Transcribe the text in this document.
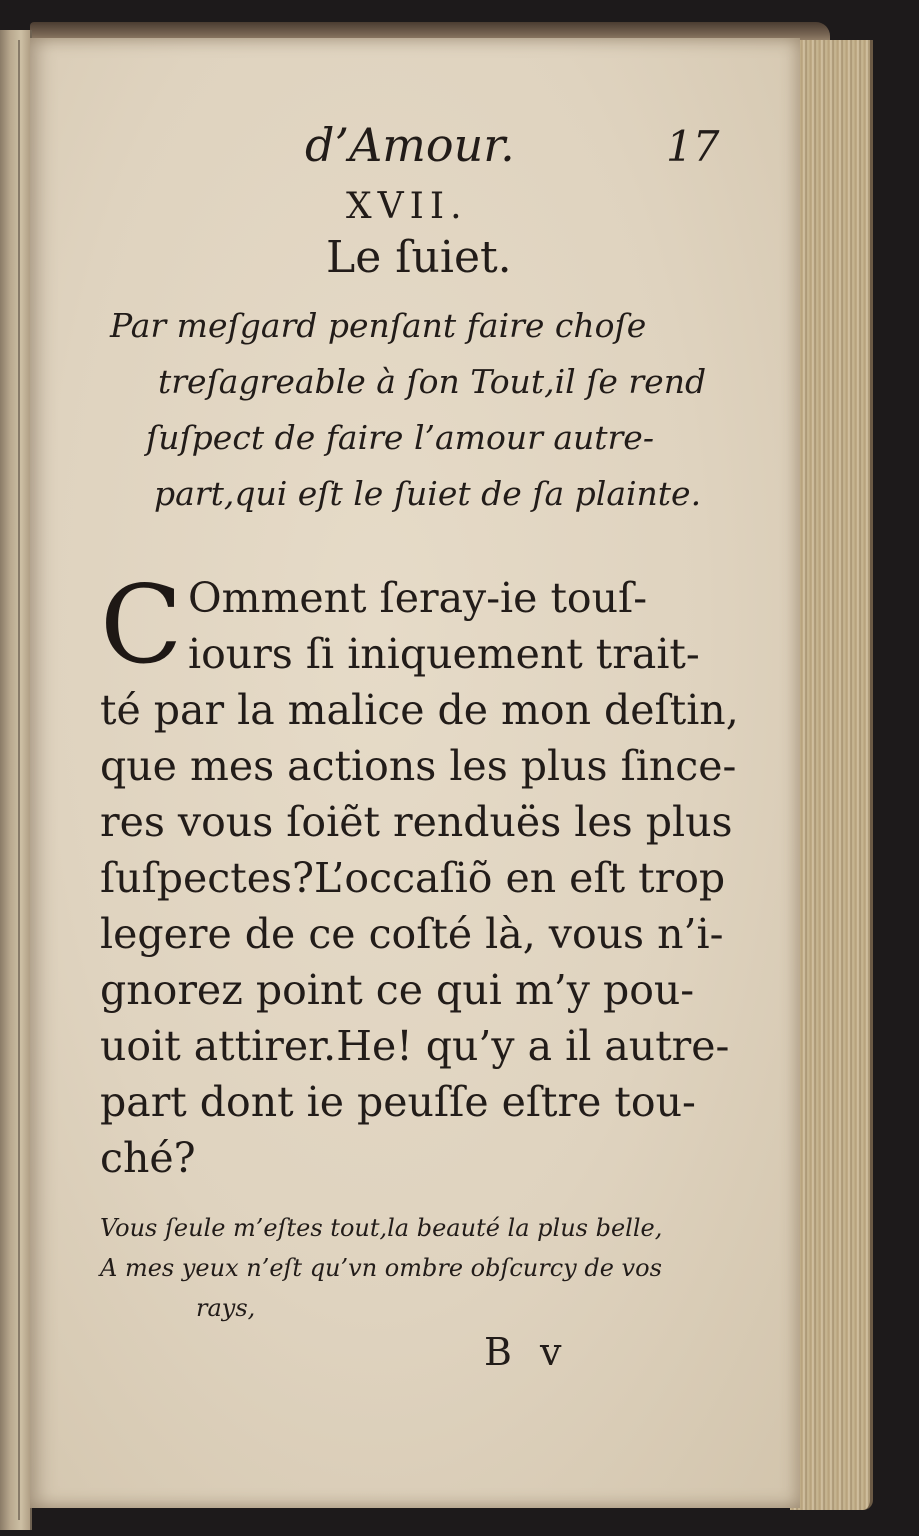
d’Amour.	17
XVII.
Le ſuiet.
Par meſgard penſant faire choſe
treſagreable à ſon Tout,il ſe rend
ſuſpect de faire l’amour autre-
part,qui eſt le ſuiet de ſa plainte.
C Omment ſeray-ie touſ-
iours ſi iniquement trait-
té par la malice de mon deſtin,
que mes actions les plus ſince-
res vous ſoiẽt renduës les plus
ſuſpectes?L’occaſiõ en eſt trop
legere de ce coſté là, vous n’i-
gnorez point ce qui m’y pou-
uoit attirer.He! qu’y a il autre-
part dont ie peuſſe eſtre tou-
ché?
Vous ſeule m’eſtes tout,la beauté la plus belle,
A mes yeux n’eſt qu’vn ombre obſcurcy de vos
rays,
B v
